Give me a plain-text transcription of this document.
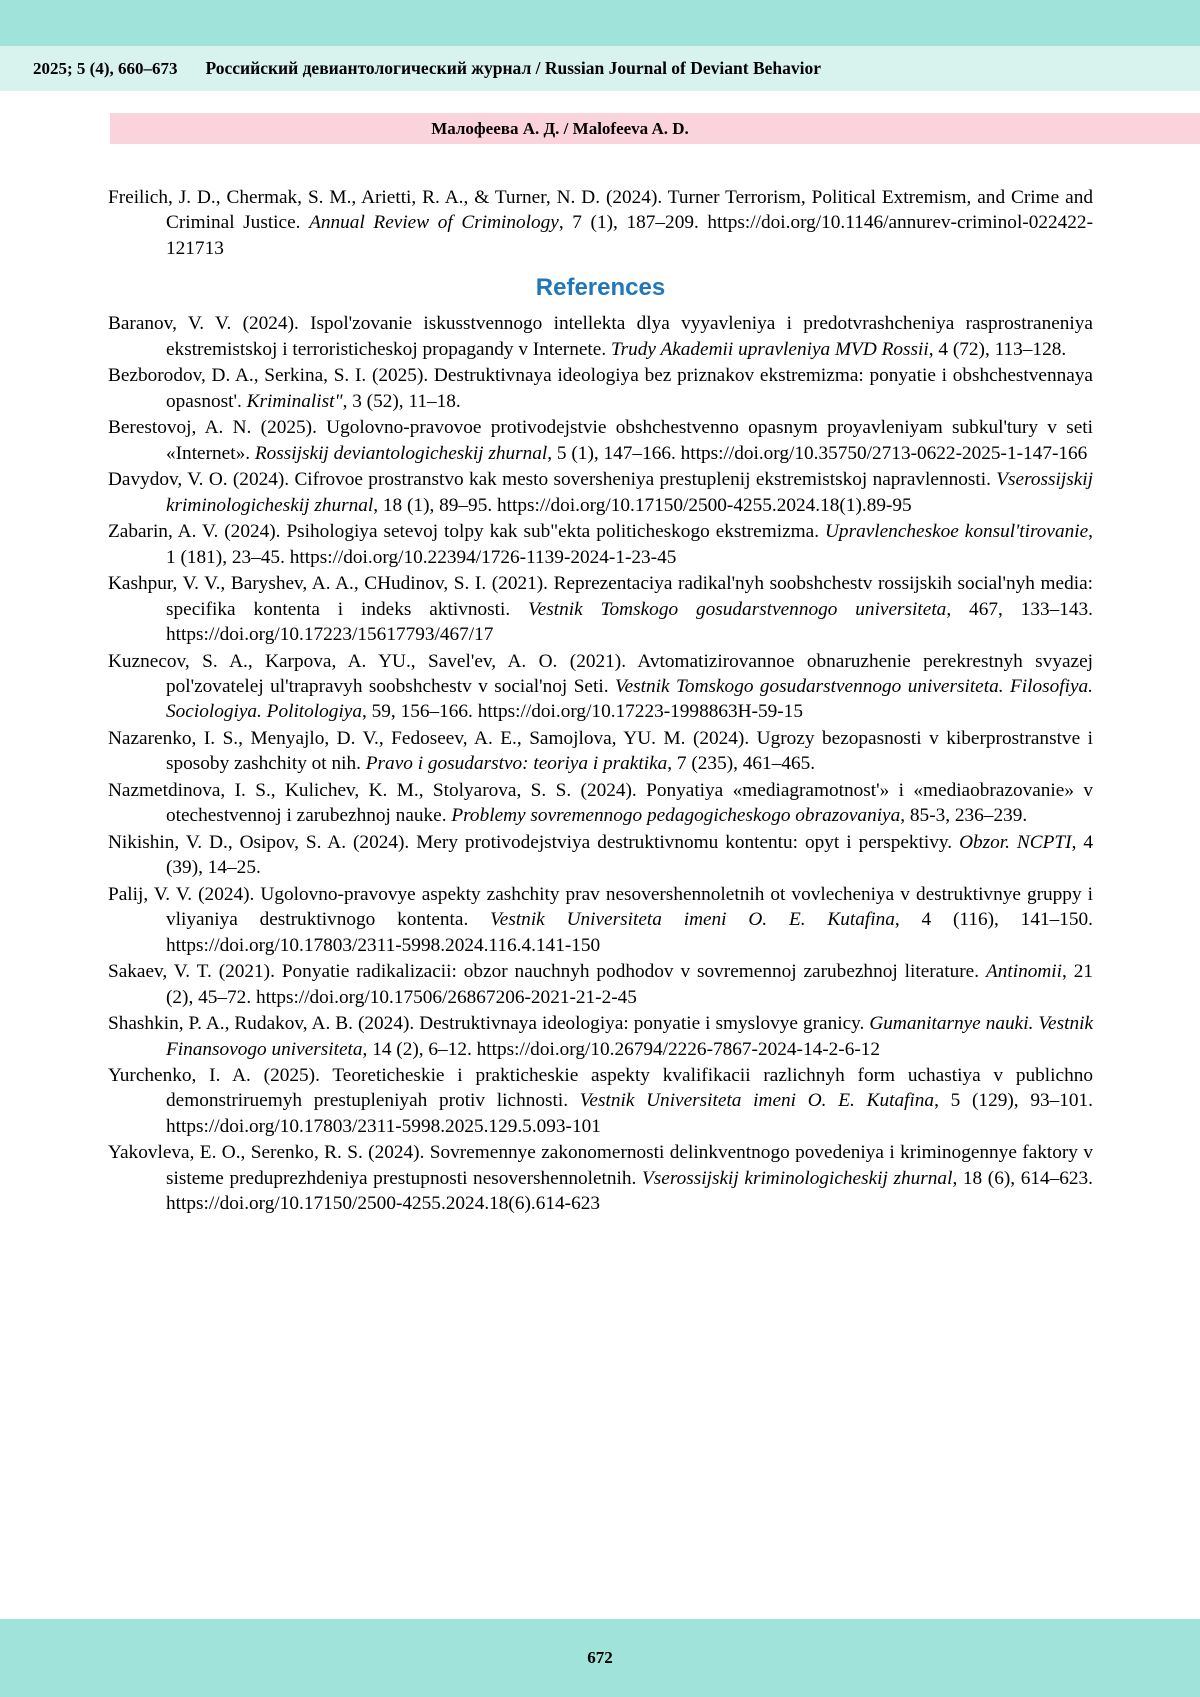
2025; 5 (4), 660–673 Российский девиантологический журнал / Russian Journal of Deviant Behavior
Малофеева А. Д. / Malofeeva A. D.

Freilich, J. D., Chermak, S. M., Arietti, R. A., & Turner, N. D. (2024). Turner Terrorism, Political Extremism, and Crime and Criminal Justice. Annual Review of Criminology, 7 (1), 187–209. https://doi.org/10.1146/annurev-criminol-022422-121713

References

Baranov, V. V. (2024). Ispol'zovanie iskusstvennogo intellekta dlya vyyavleniya i predotvrashcheniya rasprostraneniya ekstremistskoj i terroristicheskoj propagandy v Internete. Trudy Akademii upravleniya MVD Rossii, 4 (72), 113–128.

Bezborodov, D. A., Serkina, S. I. (2025). Destruktivnaya ideologiya bez priznakov ekstremizma: ponyatie i obshchestvennaya opasnost'. Kriminalistʺ, 3 (52), 11–18.

Berestovoj, A. N. (2025). Ugolovno-pravovoe protivodejstvie obshchestvenno opasnym proyavleniyam subkul'tury v seti «Internet». Rossijskij deviantologicheskij zhurnal, 5 (1), 147–166. https://doi.org/10.35750/2713-0622-2025-1-147-166

Davydov, V. O. (2024). Cifrovoe prostranstvo kak mesto soversheniya prestuplenij ekstremistskoj napravlennosti. Vserossijskij kriminologicheskij zhurnal, 18 (1), 89–95. https://doi.org/10.17150/2500-4255.2024.18(1).89-95

Zabarin, A. V. (2024). Psihologiya setevoj tolpy kak sub"ekta politicheskogo ekstremizma. Upravlencheskoe konsul'tirovanie, 1 (181), 23–45. https://doi.org/10.22394/1726-1139-2024-1-23-45

Kashpur, V. V., Baryshev, A. A., CHudinov, S. I. (2021). Reprezentaciya radikal'nyh soobshchestv rossijskih social'nyh media: specifika kontenta i indeks aktivnosti. Vestnik Tomskogo gosudarstvennogo universiteta, 467, 133–143. https://doi.org/10.17223/15617793/467/17

Kuznecov, S. A., Karpova, A. YU., Savel'ev, A. O. (2021). Avtomatizirovannoe obnaruzhenie perekrestnyh svyazej pol'zovatelej ul'trapravyh soobshchestv v social'noj Seti. Vestnik Tomskogo gosudarstvennogo universiteta. Filosofiya. Sociologiya. Politologiya, 59, 156–166. https://doi.org/10.17223-1998863H-59-15

Nazarenko, I. S., Menyajlo, D. V., Fedoseev, A. E., Samojlova, YU. M. (2024). Ugrozy bezopasnosti v kiberprostranstve i sposoby zashchity ot nih. Pravo i gosudarstvo: teoriya i praktika, 7 (235), 461–465.

Nazmetdinova, I. S., Kulichev, K. M., Stolyarova, S. S. (2024). Ponyatiya «mediagramotnost'» i «mediaobrazovanie» v otechestvennoj i zarubezhnoj nauke. Problemy sovremennogo pedagogicheskogo obrazovaniya, 85-3, 236–239.

Nikishin, V. D., Osipov, S. A. (2024). Mery protivodejstviya destruktivnomu kontentu: opyt i perspektivy. Obzor. NCPTI, 4 (39), 14–25.

Palij, V. V. (2024). Ugolovno-pravovye aspekty zashchity prav nesovershennoletnih ot vovlecheniya v destruktivnye gruppy i vliyaniya destruktivnogo kontenta. Vestnik Universiteta imeni O. E. Kutafina, 4 (116), 141–150. https://doi.org/10.17803/2311-5998.2024.116.4.141-150

Sakaev, V. T. (2021). Ponyatie radikalizacii: obzor nauchnyh podhodov v sovremennoj zarubezhnoj literature. Antinomii, 21 (2), 45–72. https://doi.org/10.17506/26867206-2021-21-2-45

Shashkin, P. A., Rudakov, A. B. (2024). Destruktivnaya ideologiya: ponyatie i smyslovye granicy. Gumanitarnye nauki. Vestnik Finansovogo universiteta, 14 (2), 6–12. https://doi.org/10.26794/2226-7867-2024-14-2-6-12

Yurchenko, I. A. (2025). Teoreticheskie i prakticheskie aspekty kvalifikacii razlichnyh form uchastiya v publichno demonstriruemyh prestupleniyah protiv lichnosti. Vestnik Universiteta imeni O. E. Kutafina, 5 (129), 93–101. https://doi.org/10.17803/2311-5998.2025.129.5.093-101

Yakovleva, E. O., Serenko, R. S. (2024). Sovremennye zakonomernosti delinkventnogo povedeniya i kriminogennye faktory v sisteme preduprezhdeniya prestupnosti nesovershennoletnih. Vserossijskij kriminologicheskij zhurnal, 18 (6), 614–623. https://doi.org/10.17150/2500-4255.2024.18(6).614-623

672
